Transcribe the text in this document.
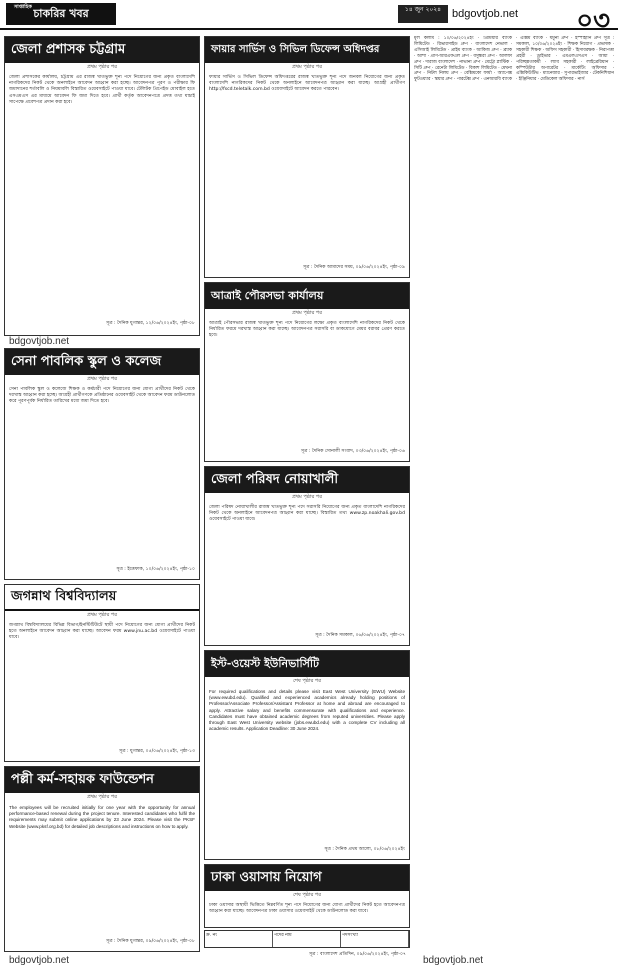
সাপ্তাহিক চাকরির খবর	১৪ জুন ২০২৪ bdgovtjob.net ০৩
জেলা প্রশাসক চট্টগ্রাম
প্রথম পৃষ্ঠার পর
জেলা প্রশাসকের কার্যালয়, চট্টগ্রাম এর রাজস্ব খাতভুক্ত শূন্য পদে নিয়োগের জন্য প্রকৃত বাংলাদেশি নাগরিকদের নিকট থেকে অনলাইনে আবেদন আহ্বান করা হচ্ছে। আবেদনপত্র পূরণ ও পরীক্ষার ফি জমাদানের শর্তাবলি ও নিয়মাবলি বিস্তারিত ওয়েবসাইটে পাওয়া যাবে। টেলিটক প্রিপেইড মোবাইল হতে এসএমএস এর মাধ্যমে আবেদন ফি জমা দিতে হবে। প্রার্থী কর্তৃক আবেদনপত্রে প্রদত্ত তথ্য যাচাই সাপেক্ষে প্রবেশপত্র প্রদান করা হবে।
সূত্র : দৈনিক যুগান্তর, ১২/০৬/২০২৪ইং, পৃষ্ঠা-০৮
bdgovtjob.net
সেনা পাবলিক স্কুল ও কলেজ
প্রথম পৃষ্ঠার পর
সেনা পাবলিক স্কুল ও কলেজে শিক্ষক ও কর্মচারী পদে নিয়োগের জন্য যোগ্য প্রার্থীদের নিকট থেকে দরখাস্ত আহ্বান করা হচ্ছে। আগ্রহী প্রার্থীগণকে প্রতিষ্ঠানের ওয়েবসাইট থেকে আবেদন ফরম ডাউনলোড করে পূরণপূর্বক নির্ধারিত তারিখের মধ্যে জমা দিতে হবে।
সূত্র : ইত্তেফাক, ১০/০৬/২০২৪ইং, পৃষ্ঠা-১০
জগন্নাথ বিশ্ববিদ্যালয়
প্রথম পৃষ্ঠার পর
জগন্নাথ বিশ্ববিদ্যালয়ের বিভিন্ন বিভাগ/ইনস্টিটিউটে স্থায়ী পদে নিয়োগের জন্য যোগ্য প্রার্থীদের নিকট হতে অনলাইনে আবেদন আহ্বান করা যাচ্ছে। আবেদন ফরম www.jnu.ac.bd ওয়েবসাইটে পাওয়া যাবে।
সূত্র : যুগান্তর, ০৫/০৬/২০২৪ইং, পৃষ্ঠা-১৩
পল্লী কর্ম-সহায়ক ফাউন্ডেশন
প্রথম পৃষ্ঠার পর
The employees will be recruited initially for one year with the opportunity for annual performance-based renewal during the project tenure. Interested candidates who fulfil the requirements may submit online applications by 23 June 2024. Please visit the PKSF Website (www.pksf.org.bd) for detailed job descriptions and instructions on how to apply.
সূত্র : দৈনিক যুগান্তর, ০৯/০৬/২০২৪ইং, পৃষ্ঠা-০৮
bdgovtjob.net
ফায়ার সার্ভিস ও সিভিল ডিফেন্স অধিদপ্তর
প্রথম পৃষ্ঠার পর
ফায়ার সার্ভিস ও সিভিল ডিফেন্স অধিদপ্তরের রাজস্ব খাতভুক্ত শূন্য পদে জনবল নিয়োগের জন্য প্রকৃত বাংলাদেশি নাগরিকদের নিকট থেকে অনলাইনে আবেদনপত্র আহ্বান করা যাচ্ছে। আগ্রহী প্রার্থীগণ http://fscd.teletalk.com.bd ওয়েবসাইটে আবেদন করতে পারবেন।
সূত্র : দৈনিক আমাদের সময়, ০৯/০৬/২০২৪ইং, পৃষ্ঠা-০৯
আত্রাই পৌরসভা কার্যালয়
প্রথম পৃষ্ঠার পর
আত্রাই পৌরসভার রাজস্ব খাতভুক্ত শূন্য পদে নিয়োগের লক্ষ্যে প্রকৃত বাংলাদেশি নাগরিকদের নিকট থেকে নির্ধারিত ফরমে দরখাস্ত আহ্বান করা যাচ্ছে। আবেদনপত্র সরাসরি বা ডাকযোগে মেয়র বরাবর প্রেরণ করতে হবে।
সূত্র : দৈনিক সোনালী সংবাদ, ০৩/০৬/২০২৪ইং, পৃষ্ঠা-০৬
জেলা পরিষদ নোয়াখালী
প্রথম পৃষ্ঠার পর
জেলা পরিষদ নোয়াখালীর রাজস্ব খাতভুক্ত শূন্য পদে সরাসরি নিয়োগের জন্য প্রকৃত বাংলাদেশি নাগরিকদের নিকট থেকে অনলাইনে আবেদনপত্র আহ্বান করা যাচ্ছে। বিস্তারিত তথ্য www.zp.noakhali.gov.bd ওয়েবসাইটে পাওয়া যাবে।
সূত্র : দৈনিক সমকাল, ০৬/০৬/২০২৪ইং, পৃষ্ঠা-০৭
ইস্ট-ওয়েস্ট ইউনিভার্সিটি
শেষ পৃষ্ঠার পর
For required qualifications and details please visit East West University (EWU) Website (www.ewubd.edu). Qualified and experienced academics already holding positions of Professor/Associate Professor/Assistant Professor at home and abroad are encouraged to apply. Attractive salary and benefits commensurate with qualifications and experience. Candidates must have obtained academic degrees from reputed universities. Please apply through East West University website (jobs.ewubd.edu) with a complete CV including all academic results. Application Deadline: 30 June 2024.
সূত্র : দৈনিক প্রথম আলো, ০৮/০৬/২০২৪ইং
ঢাকা ওয়াসায় নিয়োগ
শেষ পৃষ্ঠার পর
ঢাকা ওয়াসার অস্থায়ী ভিত্তিতে নিম্নবর্ণিত শূন্য পদে নিয়োগের জন্য যোগ্য প্রার্থীদের নিকট হতে আবেদনপত্র আহ্বান করা যাচ্ছে। আবেদনপত্র ঢাকা ওয়াসার ওয়েবসাইট থেকে ডাউনলোড করা যাবে।
ক্র. নং	পদের নাম	পদসংখ্যা
সূত্র : বাংলাদেশ প্রতিদিন, ০৯/০৬/২০২৪ইং, পৃষ্ঠা-০৭
মূল কলাম : ১০/০৬/২০২৪ইং · প্রিমিয়ার ব্যাংক লিমিটেড · রিভারসাইড গ্রুপ · বাংলাদেশ নেভাল · এসিআই লিমিটেড · প্রাইম ব্যাংক · আকিজ গ্রুপ · ব্র্যাক · আশা · প্রাণ-আরএফএল গ্রুপ · বসুন্ধরা গ্রুপ · আলফা গ্রুপ · দারাজ বাংলাদেশ · নাভানা গ্রুপ · মেট্রো প্লাস্টিক · সিটি গ্রুপ · রেনেটা লিমিটেড · বিকাশ লিমিটেড · মেঘনা গ্রুপ · নিটল নিলয় গ্রুপ · বেক্সিমকো ফার্মা · অ্যাপেক্স ফুটওয়্যার · স্কয়ার গ্রুপ · পারটেক্স গ্রুপ · এনআরবি ব্যাংক · এক্সিম ব্যাংক · যমুনা গ্রুপ · ইস্পাহানি গ্রুপ সূত্র : সমকাল, ১০/০৬/২০২৪ইং · শিক্ষক নিয়োগ · প্রভাষক · সহকারী শিক্ষক · অফিস সহকারী · হিসাবরক্ষক · নিরাপত্তা প্রহরী · ড্রাইভার · এমএলএসএস · আয়া · পরিচ্ছন্নতাকর্মী · ল্যাব সহকারী · লাইব্রেরিয়ান · কম্পিউটার অপারেটর · মার্কেটিং অফিসার · এক্সিকিউটিভ · ম্যানেজার · সুপারভাইজার · টেকনিশিয়ান · ইঞ্জিনিয়ার · মেডিকেল অফিসার · নার্স
bdgovtjob.net
